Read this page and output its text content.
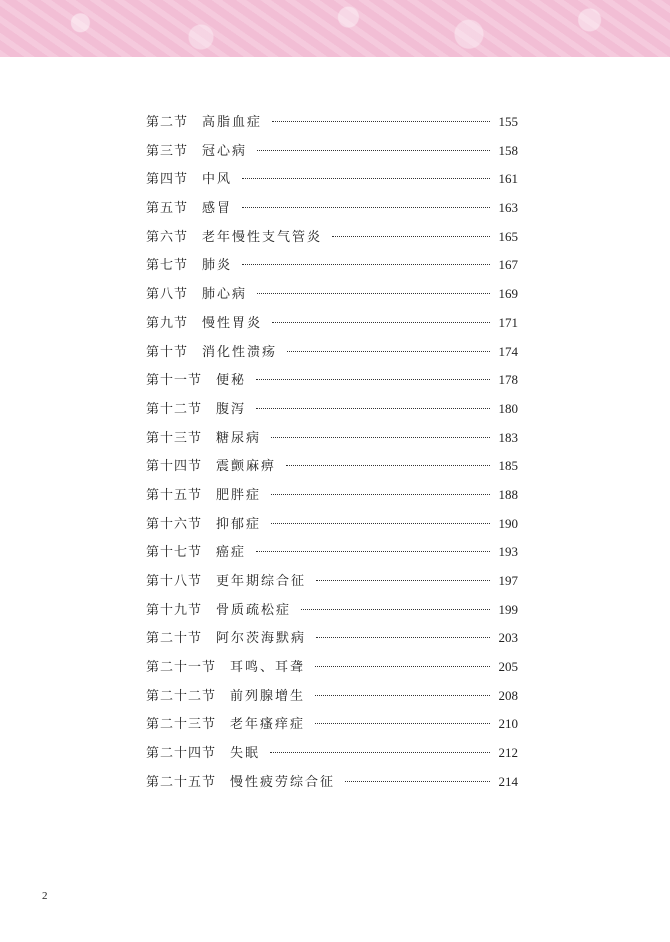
第二节 高脂血症	155
第三节 冠心病	158
第四节 中风	161
第五节 感冒	163
第六节 老年慢性支气管炎	165
第七节 肺炎	167
第八节 肺心病	169
第九节 慢性胃炎	171
第十节 消化性溃疡	174
第十一节 便秘	178
第十二节 腹泻	180
第十三节 糖尿病	183
第十四节 震颤麻痹	185
第十五节 肥胖症	188
第十六节 抑郁症	190
第十七节 癌症	193
第十八节 更年期综合征	197
第十九节 骨质疏松症	199
第二十节 阿尔茨海默病	203
第二十一节 耳鸣、耳聋	205
第二十二节 前列腺增生	208
第二十三节 老年瘙痒症	210
第二十四节 失眠	212
第二十五节 慢性疲劳综合征	214
2
